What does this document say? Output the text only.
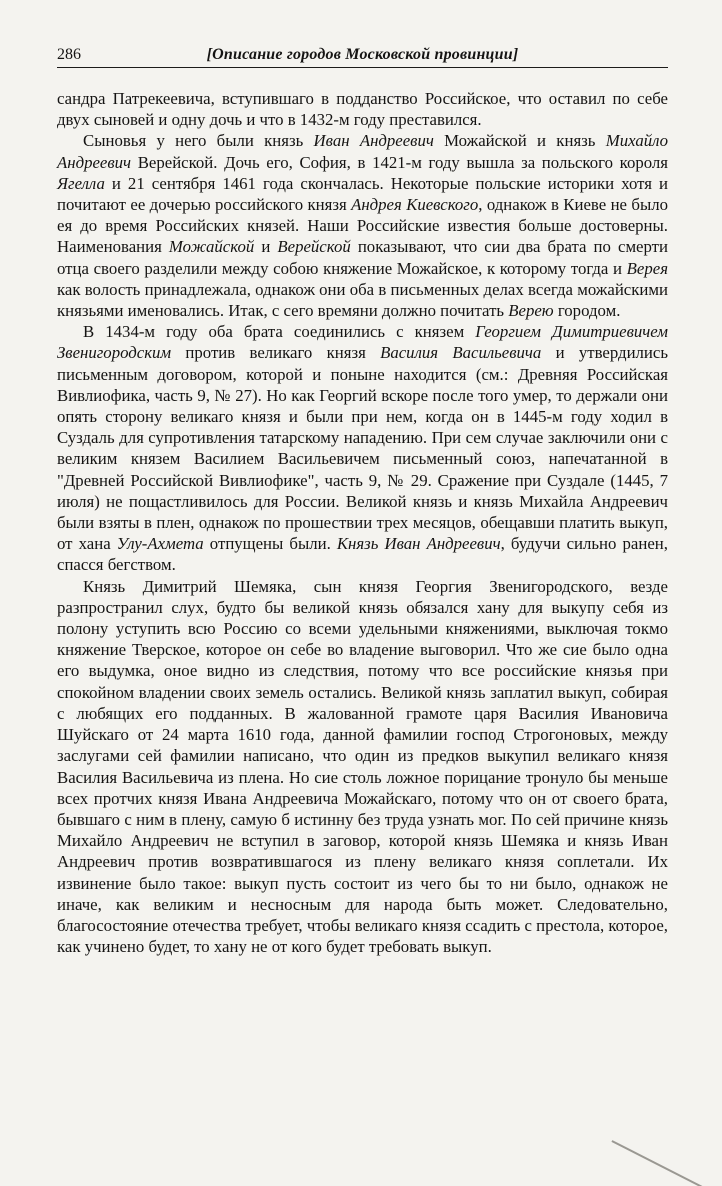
286	[Описание городов Московской провинции]

сандра Патрекеевича, вступившаго в подданство Российское, что оставил по себе двух сыновей и одну дочь и что в 1432-м году преставился.

Сыновья у него были князь Иван Андреевич Можайской и князь Михайло Андреевич Верейской. Дочь его, София, в 1421-м году вышла за польского короля Ягелла и 21 сентября 1461 года скончалась. Некоторые польские историки хотя и почитают ее дочерью российского князя Андрея Киевского, однакож в Киеве не было ея до время Российских князей. Наши Российские известия больше достоверны. Наименования Можайской и Верейской показывают, что сии два брата по смерти отца своего разделили между собою княжение Можайское, к которому тогда и Верея как волость принадлежала, однакож они оба в письменных делах всегда можайскими князьями именовались. Итак, с сего времяни должно почитать Верею городом.

В 1434-м году оба брата соединились с князем Георгием Димитриевичем Звенигородским против великаго князя Василия Васильевича и утвердились письменным договором, которой и поныне находится (см.: Древняя Российская Вивлиофика, часть 9, № 27). Но как Георгий вскоре после того умер, то держали они опять сторону великаго князя и были при нем, когда он в 1445-м году ходил в Суздаль для супротивления татарскому нападению. При сем случае заключили они с великим князем Василием Васильевичем письменный союз, напечатанной в "Древней Российской Вивлиофике", часть 9, № 29. Сражение при Суздале (1445, 7 июля) не пощастливилось для России. Великой князь и князь Михайла Андреевич были взяты в плен, однакож по прошествии трех месяцов, обещавши платить выкуп, от хана Улу-Ахмета отпущены были. Князь Иван Андреевич, будучи сильно ранен, спасся бегством.

Князь Димитрий Шемяка, сын князя Георгия Звенигородского, везде разпространил слух, будто бы великой князь обязался хану для выкупу себя из полону уступить всю Россию со всеми удельными княжениями, выключая токмо княжение Тверское, которое он себе во владение выговорил. Что же сие было одна его выдумка, оное видно из следствия, потому что все российские князья при спокойном владении своих земель остались. Великой князь заплатил выкуп, собирая с любящих его подданных. В жалованной грамоте царя Василия Ивановича Шуйскаго от 24 марта 1610 года, данной фамилии господ Строгоновых, между заслугами сей фамилии написано, что один из предков выкупил великаго князя Василия Васильевича из плена. Но сие столь ложное порицание тронуло бы меньше всех протчих князя Ивана Андреевича Можайскаго, потому что он от своего брата, бывшаго с ним в плену, самую б истинну без труда узнать мог. По сей причине князь Михайло Андреевич не вступил в заговор, которой князь Шемяка и князь Иван Андреевич против возвратившагося из плену великаго князя соплетали. Их извинение было такое: выкуп пусть состоит из чего бы то ни было, однакож не иначе, как великим и несносным для народа быть может. Следовательно, благосостояние отечества требует, чтобы великаго князя ссадить с престола, которое, как учинено будет, то хану не от кого будет требовать выкуп.
